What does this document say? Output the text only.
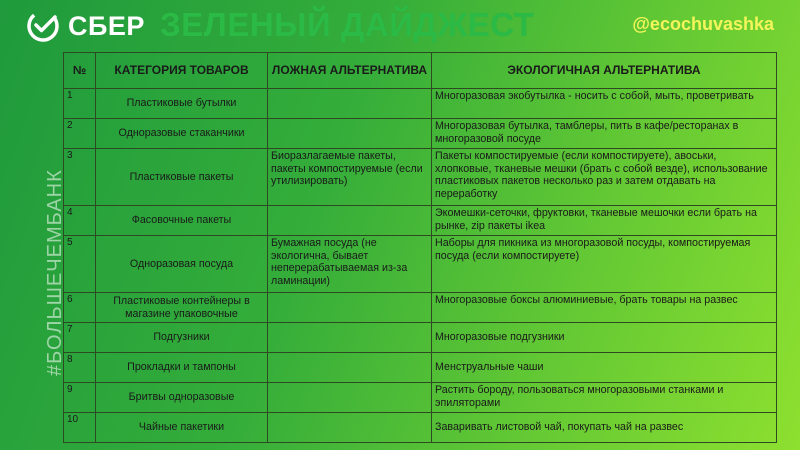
СБЕР ЗЕЛЕНЫЙ ДАЙДЖЕСТ	@ecochuvashka
#БОЛЬШЕЧЕМБАНК
№	КАТЕГОРИЯ ТОВАРОВ	ЛОЖНАЯ АЛЬТЕРНАТИВА	ЭКОЛОГИЧНАЯ АЛЬТЕРНАТИВА
1	Пластиковые бутылки		Многоразовая экобутылка - носить с собой, мыть, проветривать
2	Одноразовые стаканчики		Многоразовая бутылка, тамблеры, пить в кафе/ресторанах в многоразовой посуде
3	Пластиковые пакеты	Биоразлагаемые пакеты, пакеты компостируемые (если утилизировать)	Пакеты компостируемые (если компостируете), авоськи, хлопковые, тканевые мешки (брать с собой везде), использование пластиковых пакетов несколько раз и затем отдавать на переработку
4	Фасовочные пакеты		Экомешки-сеточки, фруктовки, тканевые мешочки если брать на рынке, zip пакеты ikea
5	Одноразовая посуда	Бумажная посуда (не экологична, бывает неперерабатываемая из-за ламинации)	Наборы для пикника из многоразовой посуды, компостируемая посуда (если компостируете)
6	Пластиковые контейнеры в магазине упаковочные		Многоразовые боксы алюминиевые, брать товары на развес
7	Подгузники		Многоразовые подгузники
8	Прокладки и тампоны		Менструальные чаши
9	Бритвы одноразовые		Растить бороду, пользоваться многоразовыми станками и эпиляторами
10	Чайные пакетики		Заваривать листовой чай, покупать чай на развес
